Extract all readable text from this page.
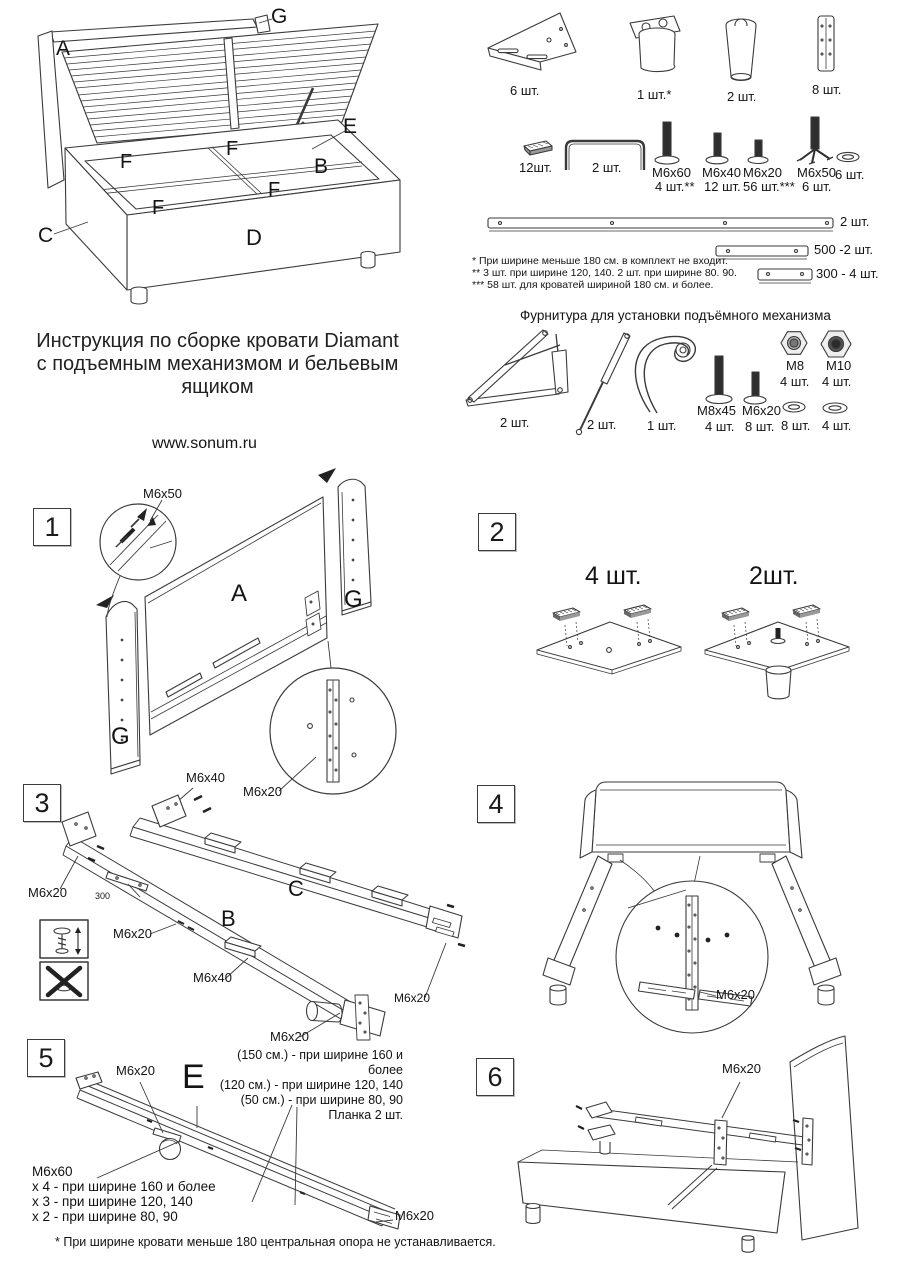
G
A
E
B
F
F
F
F
C	D
6 шт.	1 шт.*	2 шт.	8 шт.
12шт.	2 шт. M6x60
4 шт.**
M6x40
12 шт.
M6x20
56 шт.***
M6x50
6 шт.
6 шт.
2 шт.
500 -2 шт.
300 - 4 шт.
* При ширине меньше 180 см. в комплект не входит.
** 3 шт. при ширине 120, 140. 2 шт. при ширине 80. 90.
*** 58 шт. для кроватей шириной 180 см. и более.
Фурнитура для установки подъёмного механизма
2 шт.	2 шт. 1 шт.
M8x45
4 шт.
M6x20
8 шт.
М8
4 шт.
М10
4 шт.
8 шт. 4 шт.
Инструкция по сборке кровати Diamant
с подъемным механизмом и бельевым ящиком
www.sonum.ru
1
M6x50
A	G
G
M6x40
M6x20
2
4 шт.	2шт.
3
M6x20	300
M6x20
B
C
M6x40
M6x20
M6x20
4
M6x20
5	M6x20
(150 см.) - при ширине 160 и более
(120 см.) - при ширине 120, 140
(50 см.) - при ширине 80, 90
Планка 2 шт.
E
M6x60
х 4 - при ширине 160 и более
х 3 - при ширине 120, 140
х 2 - при ширине 80, 90	M6x20
6	M6x20
* При ширине кровати меньше 180 центральная опора не устанавливается.
